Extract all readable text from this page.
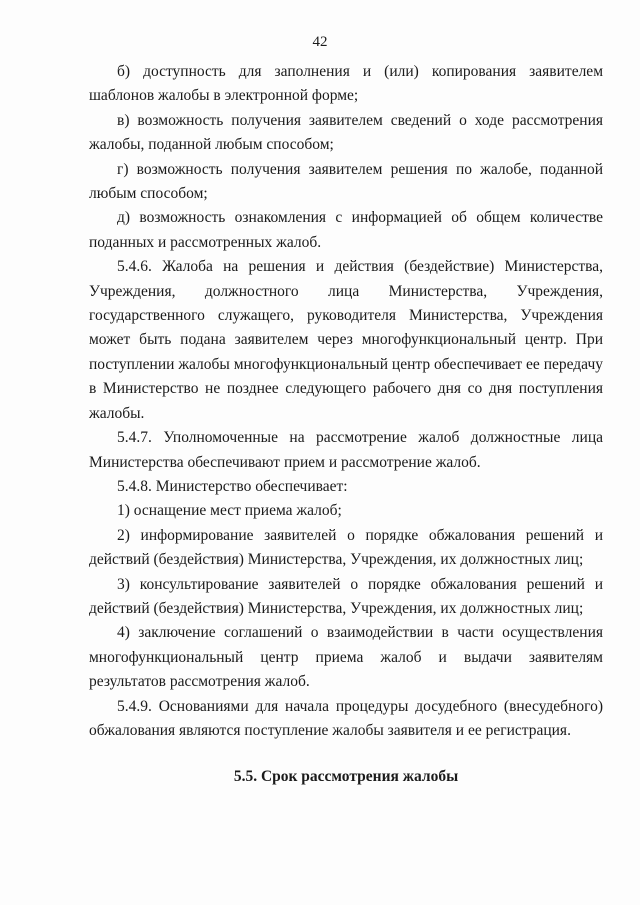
42

б) доступность для заполнения и (или) копирования заявителем шаблонов жалобы в электронной форме;

в) возможность получения заявителем сведений о ходе рассмотрения жалобы, поданной любым способом;

г) возможность получения заявителем решения по жалобе, поданной любым способом;

д) возможность ознакомления с информацией об общем количестве поданных и рассмотренных жалоб.

5.4.6. Жалоба на решения и действия (бездействие) Министерства, Учреждения, должностного лица Министерства, Учреждения, государственного служащего, руководителя Министерства, Учреждения может быть подана заявителем через многофункциональный центр. При поступлении жалобы многофункциональный центр обеспечивает ее передачу в Министерство не позднее следующего рабочего дня со дня поступления жалобы.

5.4.7. Уполномоченные на рассмотрение жалоб должностные лица Министерства обеспечивают прием и рассмотрение жалоб.

5.4.8. Министерство обеспечивает:

1) оснащение мест приема жалоб;

2) информирование заявителей о порядке обжалования решений и действий (бездействия) Министерства, Учреждения, их должностных лиц;

3) консультирование заявителей о порядке обжалования решений и действий (бездействия) Министерства, Учреждения, их должностных лиц;

4) заключение соглашений о взаимодействии в части осуществления многофункциональный центр приема жалоб и выдачи заявителям результатов рассмотрения жалоб.

5.4.9. Основаниями для начала процедуры досудебного (внесудебного) обжалования являются поступление жалобы заявителя и ее регистрация.

5.5. Срок рассмотрения жалобы
